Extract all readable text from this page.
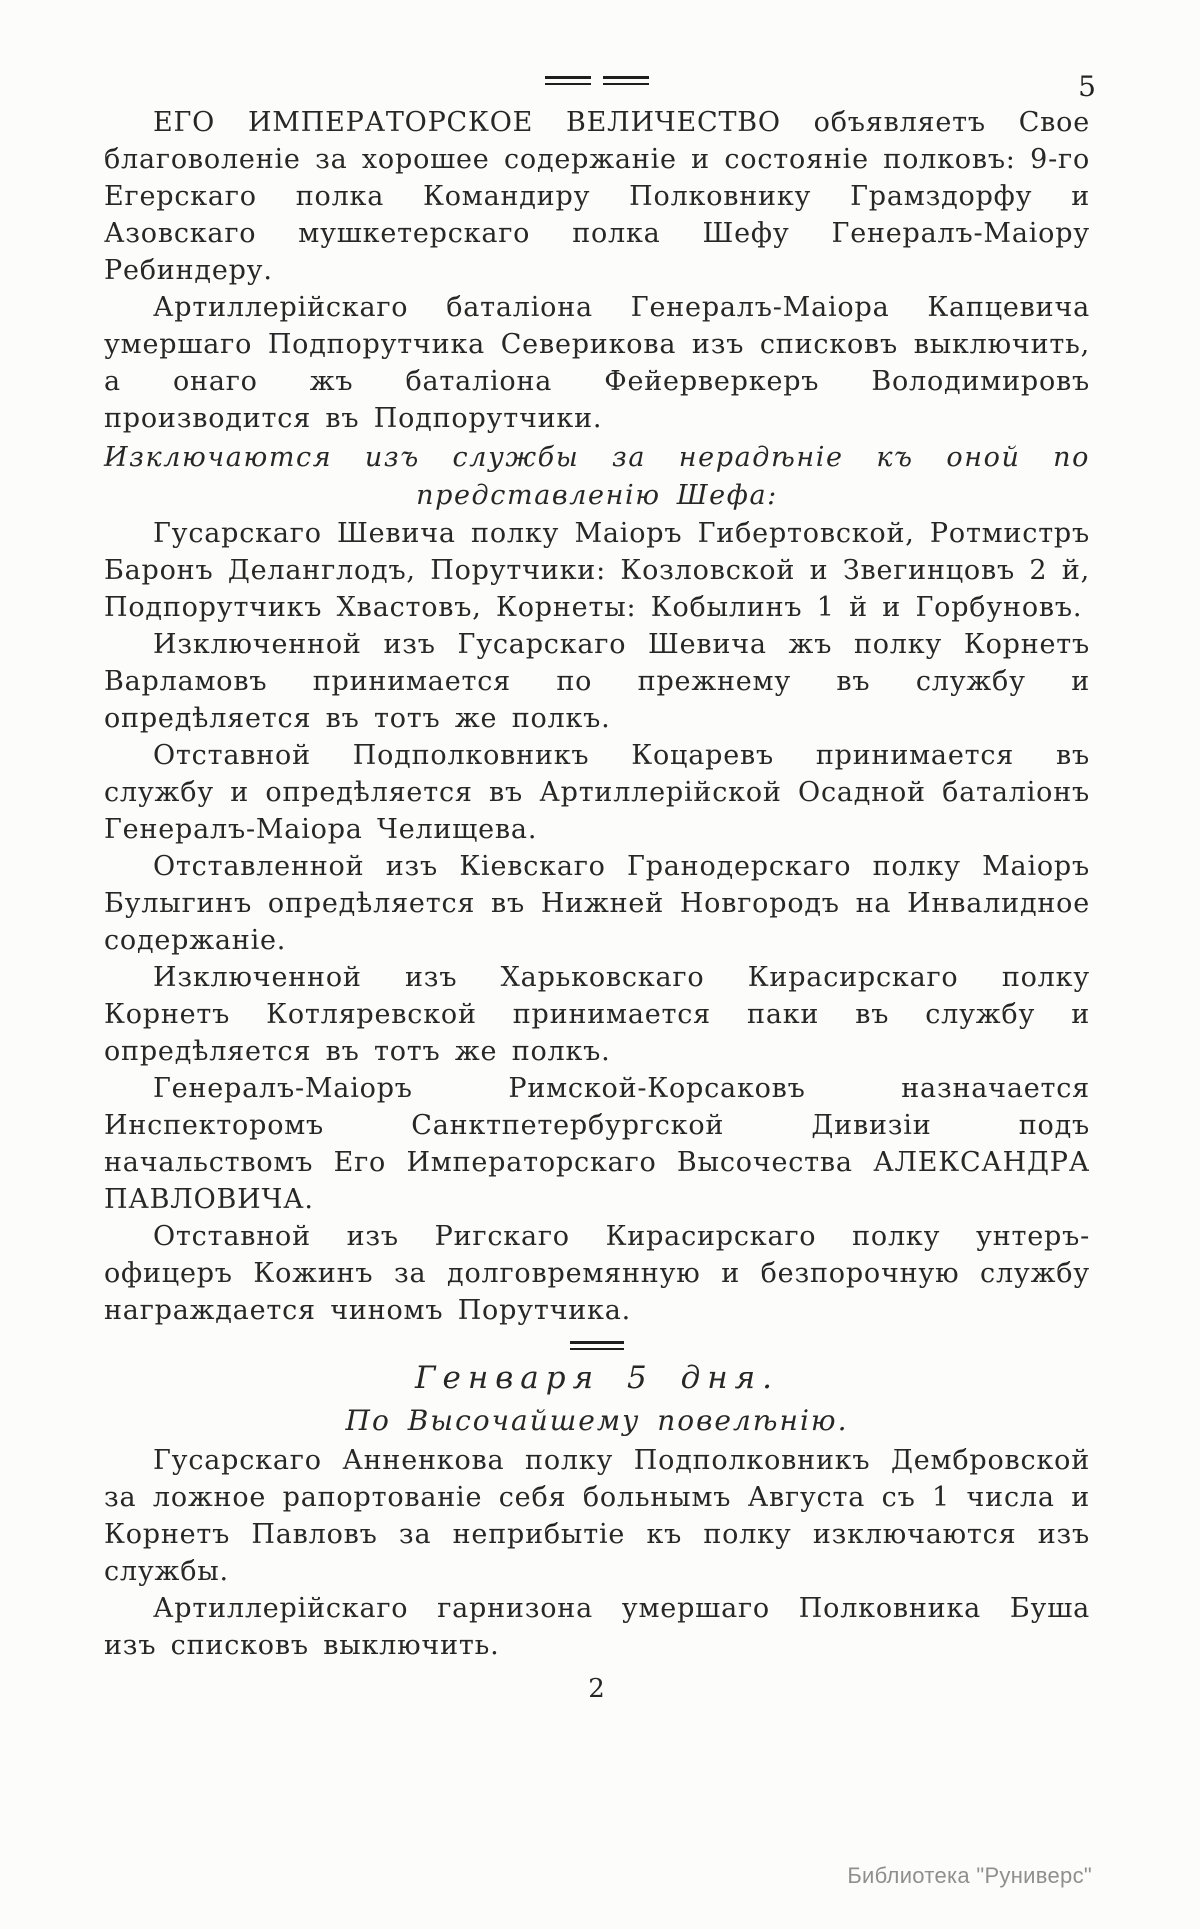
5

ЕГО ИМПЕРАТОРСКОЕ ВЕЛИЧЕСТВО объявляетъ Свое благоволеніе за хорошее содержаніе и состояніе полковъ: 9-го Егерскаго полка Командиру Полковнику Грамздорфу и Азовскаго мушкетерскаго полка Шефу Генералъ-Маіору Ребиндеру.

Артиллерійскаго баталіона Генералъ-Маіора Капцевича умершаго Подпорутчика Северикова изъ списковъ выключить, а онаго жъ баталіона Фейерверкеръ Володимировъ производится въ Подпорутчики.

Изключаются изъ службы за нерадѣніе къ оной по представленію Шефа:

Гусарскаго Шевича полку Маіоръ Гибертовской, Ротмистръ Баронъ Деланглодъ, Порутчики: Козловской и Звегинцовъ 2 й, Подпорутчикъ Хвастовъ, Корнеты: Кобылинъ 1 й и Горбуновъ.

Изключенной изъ Гусарскаго Шевича жъ полку Корнетъ Варламовъ принимается по прежнему въ службу и опредѣляется въ тотъ же полкъ.

Отставной Подполковникъ Коцаревъ принимается въ службу и опредѣляется въ Артиллерійской Осадной баталіонъ Генералъ-Маіора Челищева.

Отставленной изъ Кіевскаго Гранодерскаго полку Маіоръ Булыгинъ опредѣляется въ Нижней Новгородъ на Инвалидное содержаніе.

Изключенной изъ Харьковскаго Кирасирскаго полку Корнетъ Котляревской принимается паки въ службу и опредѣляется въ тотъ же полкъ.

Генералъ-Маіоръ Римской-Корсаковъ назначается Инспекторомъ Санктпетербургской Дивизіи подъ начальствомъ Его Императорскаго Высочества АЛЕКСАНДРА ПАВЛОВИЧА.

Отставной изъ Ригскаго Кирасирскаго полку унтеръ-офицеръ Кожинъ за долговремянную и безпорочную службу награждается чиномъ Порутчика.

Генваря 5 дня.

По Высочайшему повелѣнію.

Гусарскаго Анненкова полку Подполковникъ Дембровской за ложное рапортованіе себя больнымъ Августа съ 1 числа и Корнетъ Павловъ за неприбытіе къ полку изключаются изъ службы.

Артиллерійскаго гарнизона умершаго Полковника Буша изъ списковъ выключить.

2

Библиотека "Руниверс"
